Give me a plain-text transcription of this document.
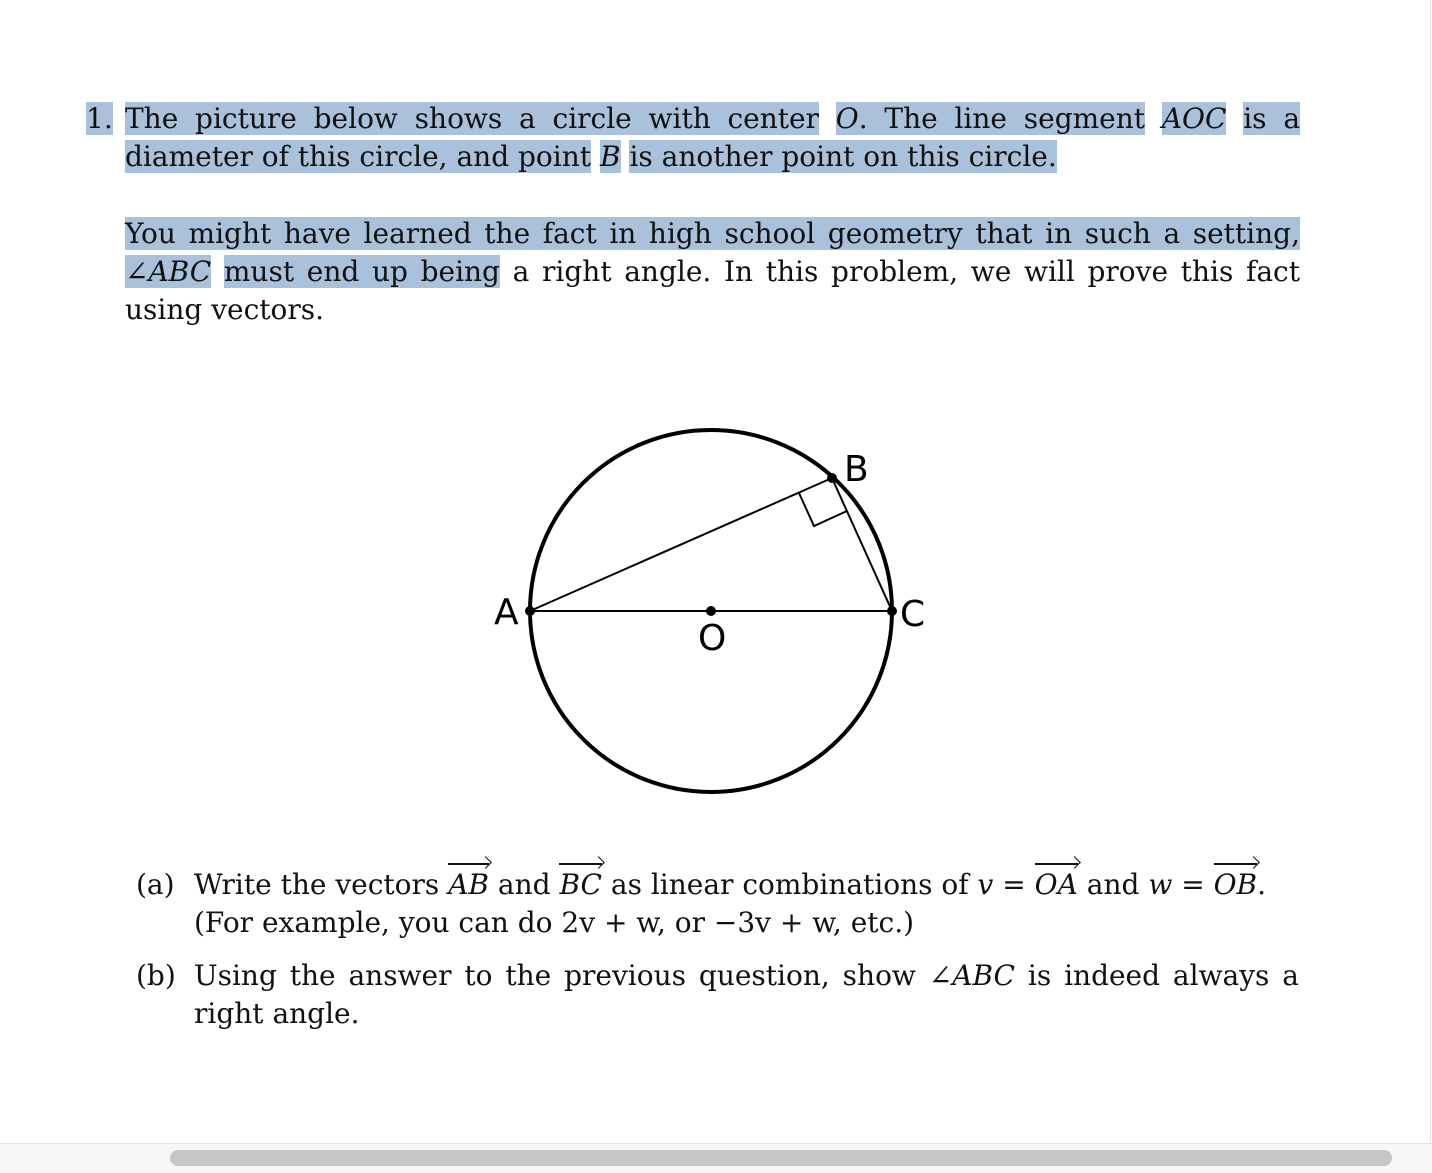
1. The picture below shows a circle with center O. The line segment AOC is a diameter of this circle, and point B is another point on this circle.
You might have learned the fact in high school geometry that in such a setting, ∠ABC must end up being a right angle. In this problem, we will prove this fact using vectors.
A
B
C
O
(a) Write the vectors AB and BC as linear combinations of v = OA and w = OB.
(For example, you can do 2v + w, or −3v + w, etc.)
(b) Using the answer to the previous question, show ∠ABC is indeed always a right angle.
